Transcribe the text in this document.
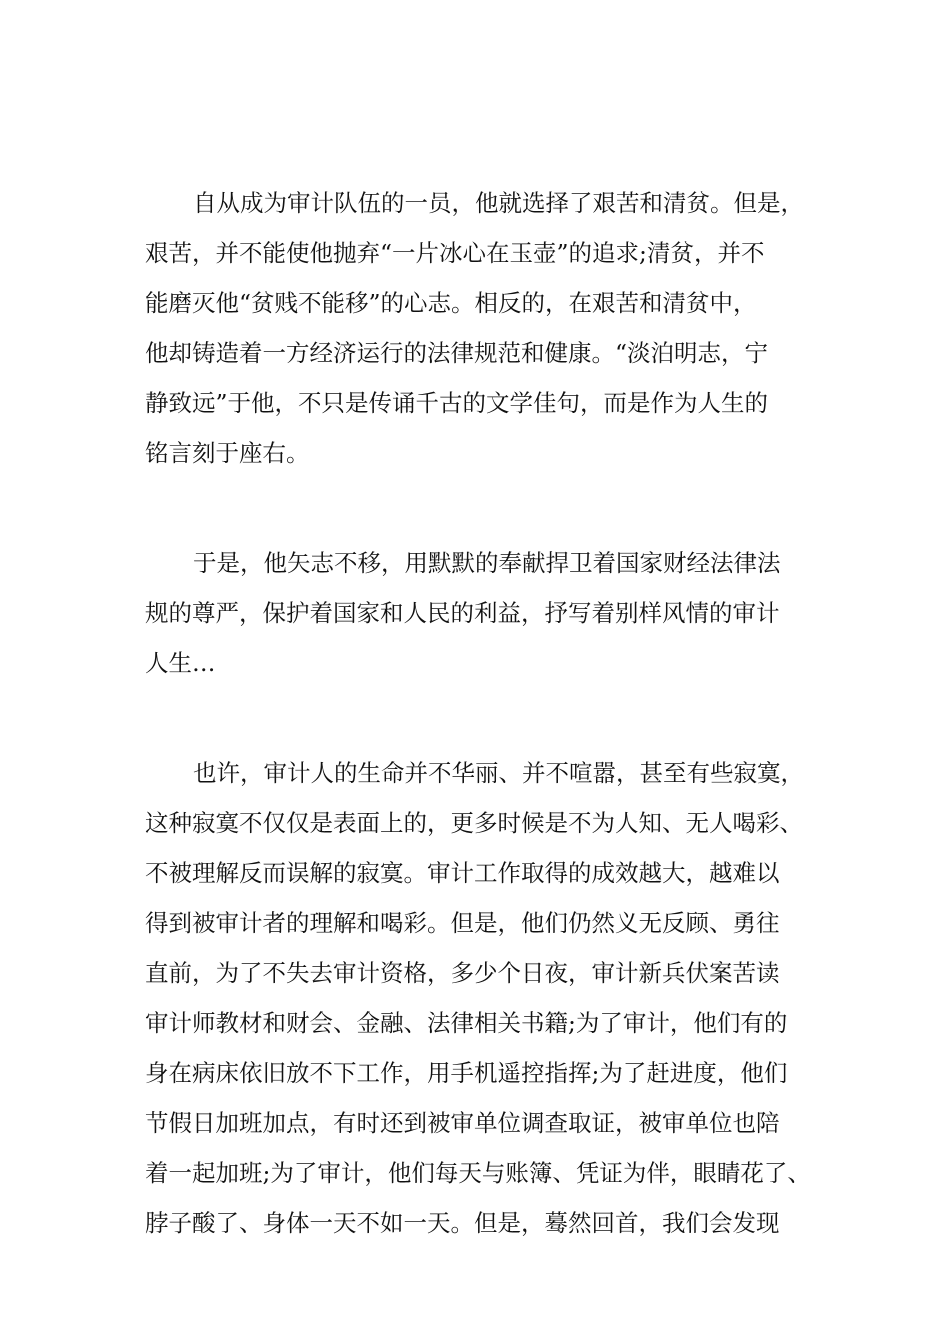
自从成为审计队伍的一员，他就选择了艰苦和清贫。但是，
艰苦，并不能使他抛弃“一片冰心在玉壶”的追求;清贫，并不
能磨灭他“贫贱不能移”的心志。相反的，在艰苦和清贫中，
他却铸造着一方经济运行的法律规范和健康。“淡泊明志，宁
静致远”于他，不只是传诵千古的文学佳句，而是作为人生的
铭言刻于座右。
于是，他矢志不移，用默默的奉献捍卫着国家财经法律法
规的尊严，保护着国家和人民的利益，抒写着别样风情的审计
人生…
也许，审计人的生命并不华丽、并不喧嚣，甚至有些寂寞，
这种寂寞不仅仅是表面上的，更多时候是不为人知、无人喝彩、
不被理解反而误解的寂寞。审计工作取得的成效越大，越难以
得到被审计者的理解和喝彩。但是，他们仍然义无反顾、勇往
直前，为了不失去审计资格，多少个日夜，审计新兵伏案苦读
审计师教材和财会、金融、法律相关书籍;为了审计，他们有的
身在病床依旧放不下工作，用手机遥控指挥;为了赶进度，他们
节假日加班加点，有时还到被审单位调查取证，被审单位也陪
着一起加班;为了审计，他们每天与账簿、凭证为伴，眼睛花了、
脖子酸了、身体一天不如一天。但是，蓦然回首，我们会发现
